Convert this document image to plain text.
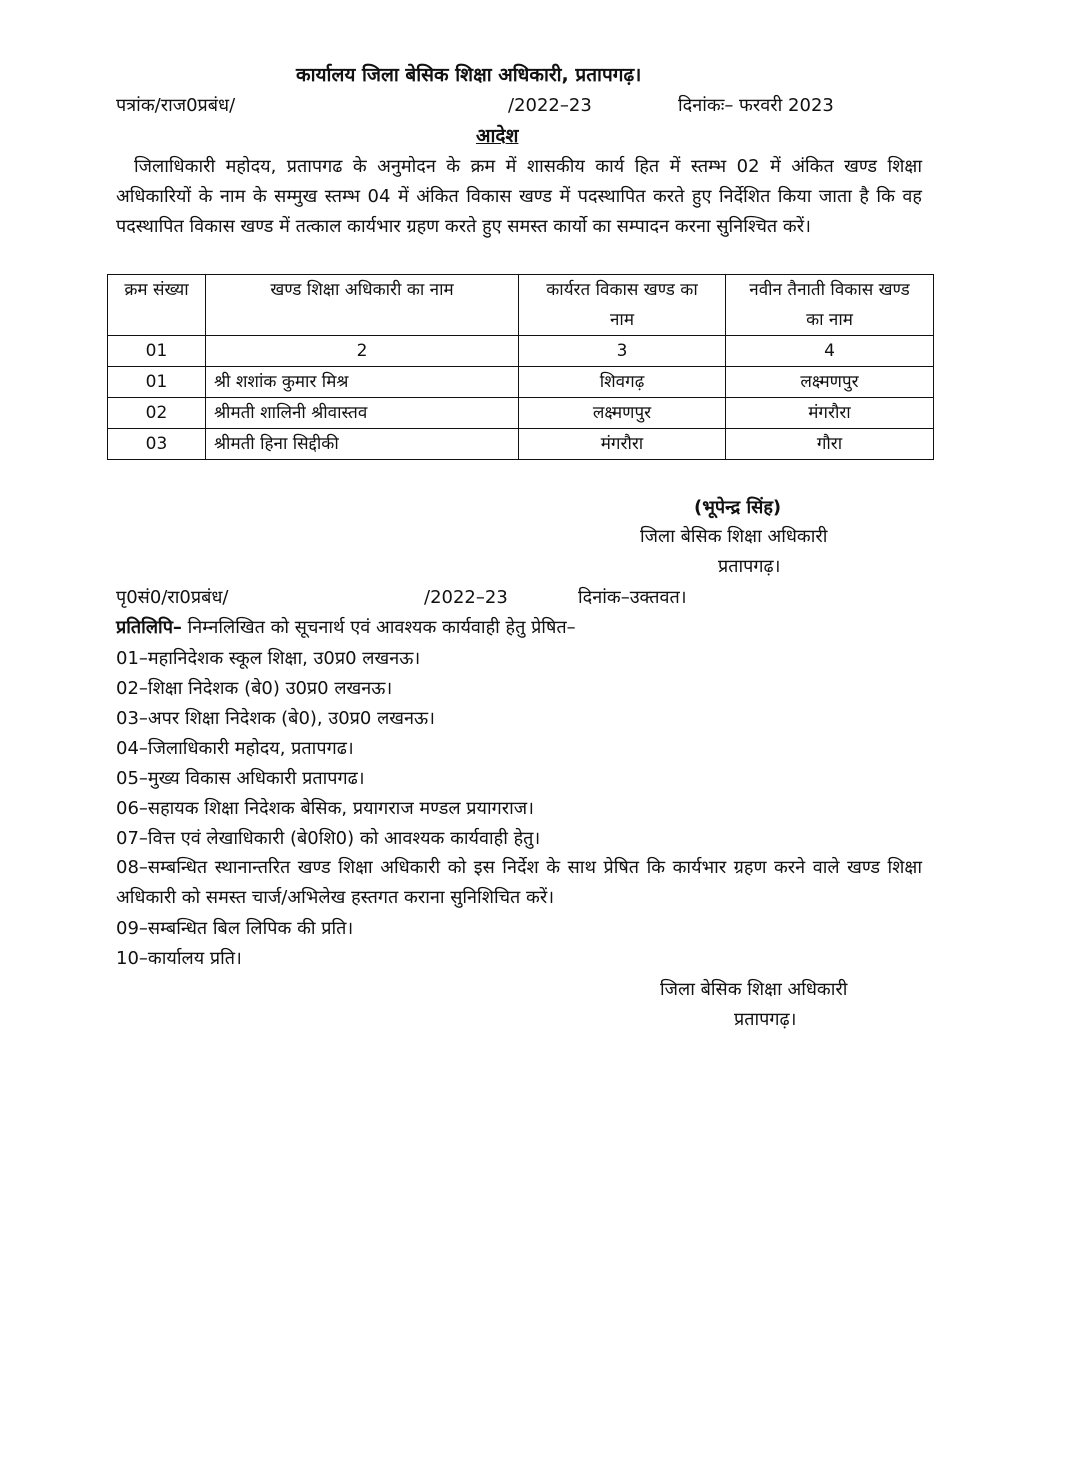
कार्यालय जिला बेसिक शिक्षा अधिकारी, प्रतापगढ़।
पत्रांक/राज0प्रबंध/	/2022–23	दिनांकः– फरवरी 2023
आदेश
जिलाधिकारी महोदय, प्रतापगढ के अनुमोदन के क्रम में शासकीय कार्य हित में स्तम्भ 02 में अंकित खण्ड शिक्षा अधिकारियों के नाम के सम्मुख स्तम्भ 04 में अंकित विकास खण्ड में पदस्थापित करते हुए निर्देशित किया जाता है कि वह पदस्थापित विकास खण्ड में तत्काल कार्यभार ग्रहण करते हुए समस्त कार्यो का सम्पादन करना सुनिश्चित करें।
क्रम संख्या	खण्ड शिक्षा अधिकारी का नाम	कार्यरत विकास खण्ड का नाम	नवीन तैनाती विकास खण्ड का नाम
01	2	3	4
01	श्री शशांक कुमार मिश्र	शिवगढ़	लक्ष्मणपुर
02	श्रीमती शालिनी श्रीवास्तव	लक्ष्मणपुर	मंगरौरा
03	श्रीमती हिना सिद्दीकी	मंगरौरा	गौरा
(भूपेन्द्र सिंह)
जिला बेसिक शिक्षा अधिकारी
प्रतापगढ़।
पृ0सं0/रा0प्रबंध/	/2022–23	दिनांक–उक्तवत।
प्रतिलिपि– निम्नलिखित को सूचनार्थ एवं आवश्यक कार्यवाही हेतु प्रेषित–
01–महानिदेशक स्कूल शिक्षा, उ0प्र0 लखनऊ।
02–शिक्षा निदेशक (बे0) उ0प्र0 लखनऊ।
03–अपर शिक्षा निदेशक (बे0), उ0प्र0 लखनऊ।
04–जिलाधिकारी महोदय, प्रतापगढ।
05–मुख्य विकास अधिकारी प्रतापगढ।
06–सहायक शिक्षा निदेशक बेसिक, प्रयागराज मण्डल प्रयागराज।
07–वित्त एवं लेखाधिकारी (बे0शि0) को आवश्यक कार्यवाही हेतु।
08–सम्बन्धित स्थानान्तरित खण्ड शिक्षा अधिकारी को इस निर्देश के साथ प्रेषित कि कार्यभार ग्रहण करने वाले खण्ड शिक्षा अधिकारी को समस्त चार्ज/अभिलेख हस्तगत कराना सुनिशिचित करें।
09–सम्बन्धित बिल लिपिक की प्रति।
10–कार्यालय प्रति।
जिला बेसिक शिक्षा अधिकारी
प्रतापगढ़।
